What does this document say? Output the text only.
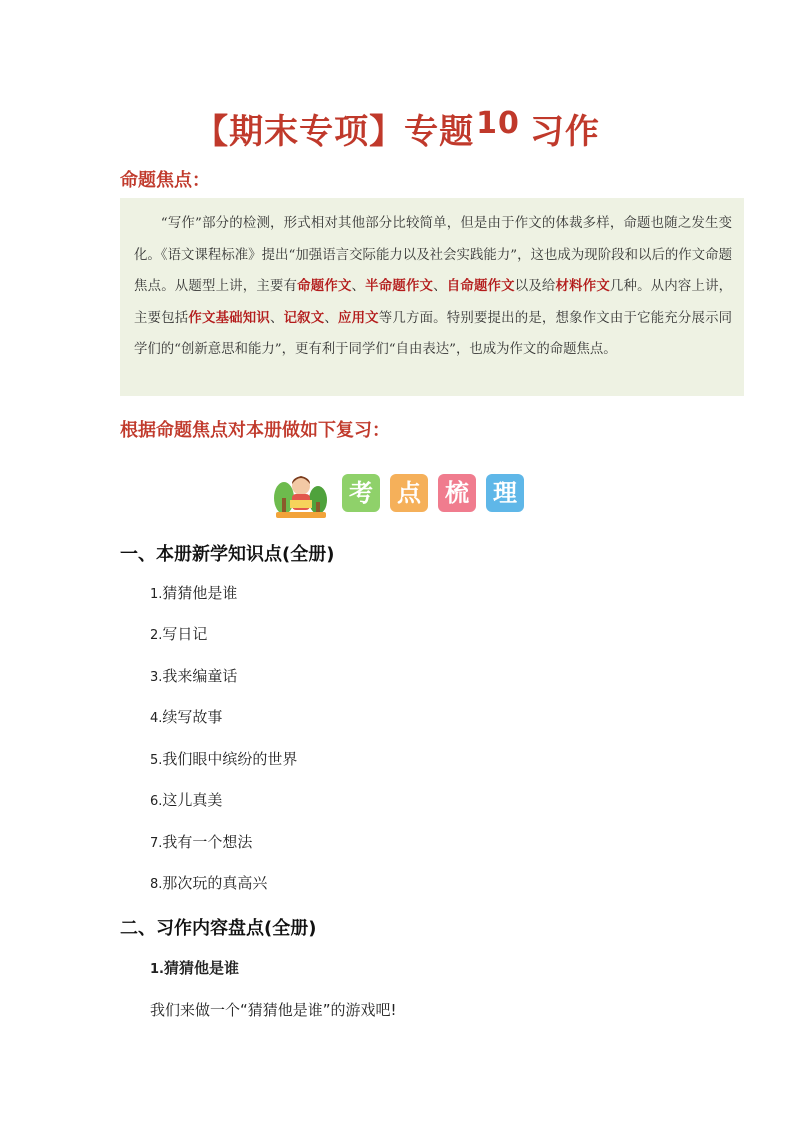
【期末专项】专题10 习作
命题焦点：

“写作”部分的检测，形式相对其他部分比较简单，但是由于作文的体裁多样，命题也随之发生变化。《语文课程标准》提出“加强语言交际能力以及社会实践能力”，这也成为现阶段和以后的作文命题焦点。从题型上讲，主要有命题作文、半命题作文、自命题作文以及给材料作文几种。从内容上讲，主要包括作文基础知识、记叙文、应用文等几方面。特别要提出的是，想象作文由于它能充分展示同学们的“创新意思和能力”，更有利于同学们“自由表达”，也成为作文的命题焦点。

根据命题焦点对本册做如下复习：
考 点 梳 理
一、本册新学知识点(全册)
1.猜猜他是谁
2.写日记
3.我来编童话
4.续写故事
5.我们眼中缤纷的世界
6.这儿真美
7.我有一个想法
8.那次玩的真高兴
二、习作内容盘点(全册)
1.猜猜他是谁
我们来做一个“猜猜他是谁”的游戏吧!
